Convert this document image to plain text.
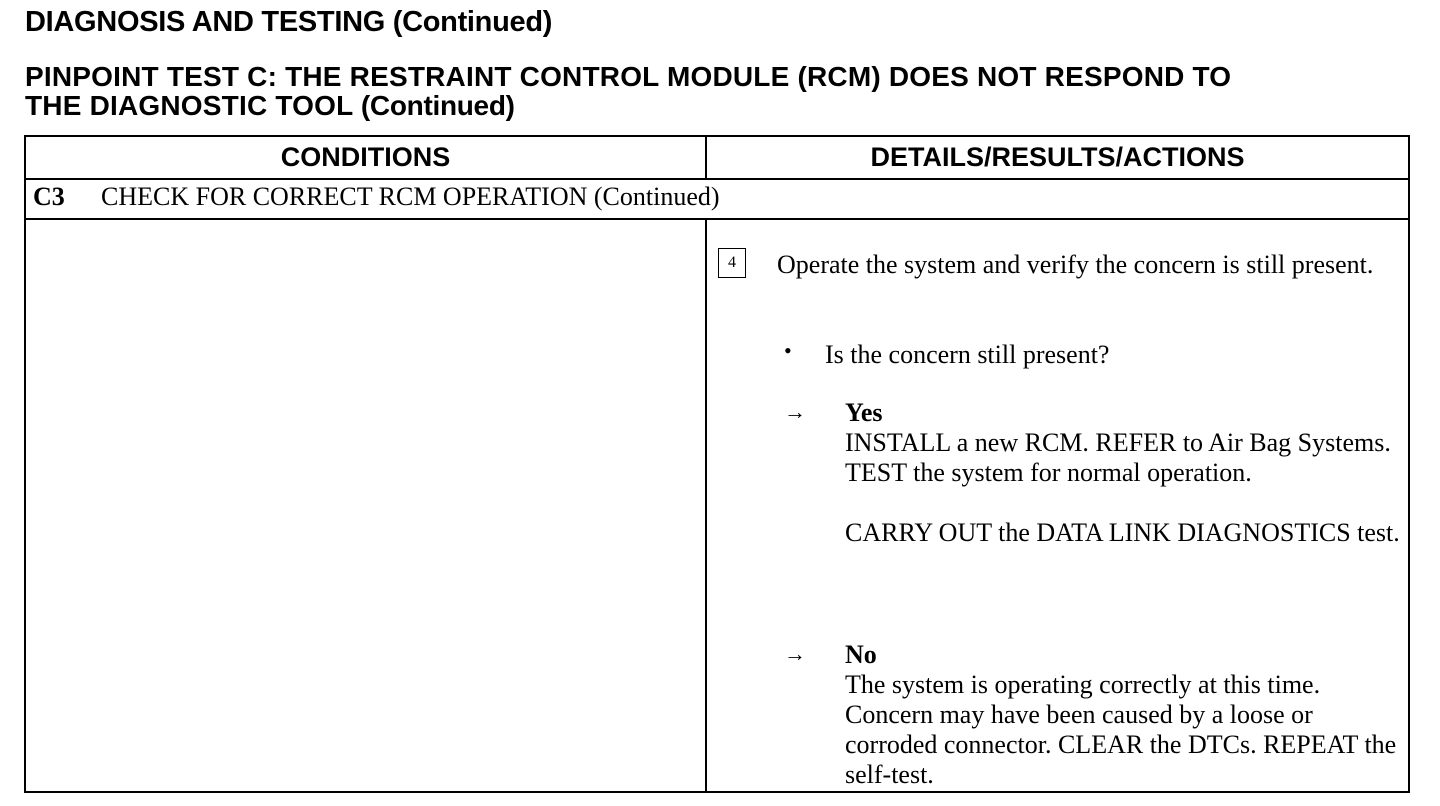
DIAGNOSIS AND TESTING (Continued)
PINPOINT TEST C: THE RESTRAINT CONTROL MODULE (RCM) DOES NOT RESPOND TO
THE DIAGNOSTIC TOOL (Continued)
CONDITIONS	DETAILS/RESULTS/ACTIONS
C3 CHECK FOR CORRECT RCM OPERATION (Continued)
4	Operate the system and verify the concern is still present.
• Is the concern still present?
→ Yes

INSTALL a new RCM. REFER to Air Bag Systems. TEST the system for normal operation.

CARRY OUT the DATA LINK DIAGNOSTICS test.

→ No

The system is operating correctly at this time. Concern may have been caused by a loose or corroded connector. CLEAR the DTCs. REPEAT the self-test.
